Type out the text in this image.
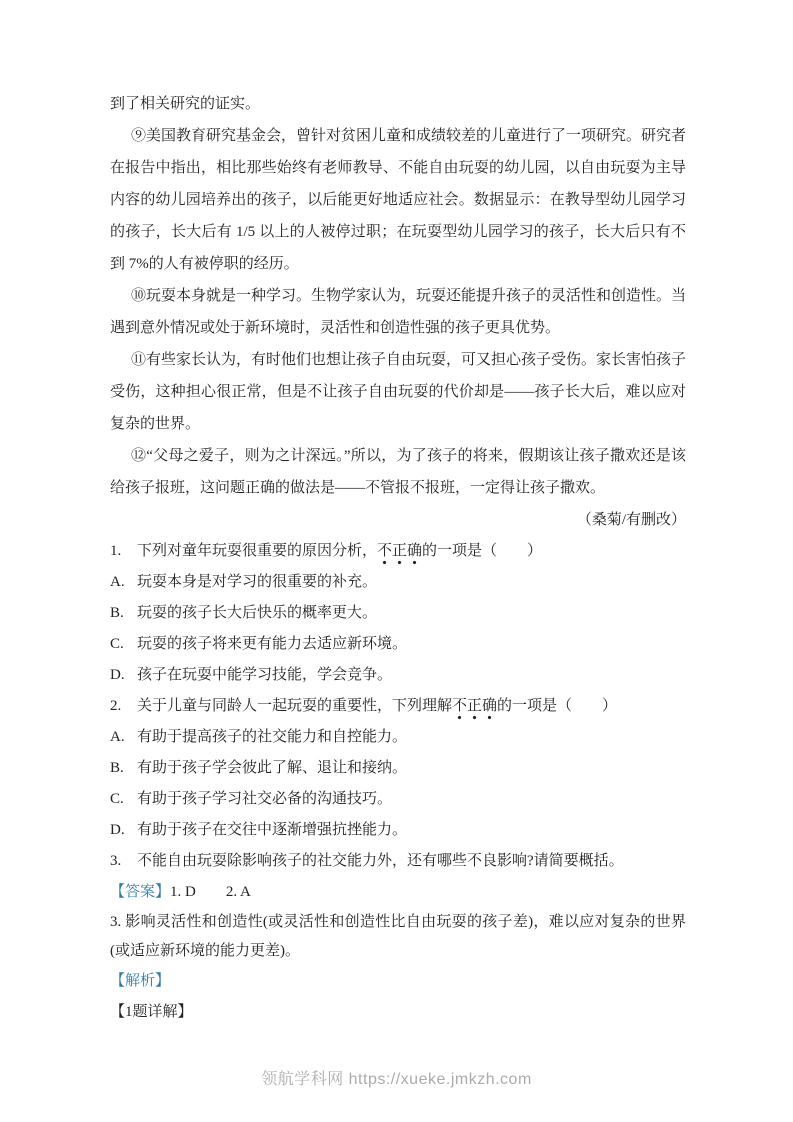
到了相关研究的证实。

⑨美国教育研究基金会，曾针对贫困儿童和成绩较差的儿童进行了一项研究。研究者在报告中指出，相比那些始终有老师教导、不能自由玩耍的幼儿园，以自由玩耍为主导内容的幼儿园培养出的孩子，以后能更好地适应社会。数据显示：在教导型幼儿园学习的孩子，长大后有 1/5 以上的人被停过职；在玩耍型幼儿园学习的孩子，长大后只有不到 7%的人有被停职的经历。

⑩玩耍本身就是一种学习。生物学家认为，玩耍还能提升孩子的灵活性和创造性。当遇到意外情况或处于新环境时，灵活性和创造性强的孩子更具优势。

⑪有些家长认为，有时他们也想让孩子自由玩耍，可又担心孩子受伤。家长害怕孩子受伤，这种担心很正常，但是不让孩子自由玩耍的代价却是——孩子长大后，难以应对复杂的世界。

⑫“父母之爱子，则为之计深远。”所以，为了孩子的将来，假期该让孩子撒欢还是该给孩子报班，这问题正确的做法是——不管报不报班，一定得让孩子撒欢。

（桑菊/有删改）

1. 下列对童年玩耍很重要的原因分析，不正确的一项是（　　）

A. 玩耍本身是对学习的很重要的补充。

B. 玩耍的孩子长大后快乐的概率更大。

C. 玩耍的孩子将来更有能力去适应新环境。

D. 孩子在玩耍中能学习技能，学会竞争。

2. 关于儿童与同龄人一起玩耍的重要性，下列理解不正确的一项是（　　）

A. 有助于提高孩子的社交能力和自控能力。

B. 有助于孩子学会彼此了解、退让和接纳。

C. 有助于孩子学习社交必备的沟通技巧。

D. 有助于孩子在交往中逐渐增强抗挫能力。

3. 不能自由玩耍除影响孩子的社交能力外，还有哪些不良影响?请简要概括。

【答案】1. D　　2. A

3. 影响灵活性和创造性(或灵活性和创造性比自由玩耍的孩子差)，难以应对复杂的世界(或适应新环境的能力更差)。

【解析】

【1题详解】

领航学科网 https://xueke.jmkzh.com
